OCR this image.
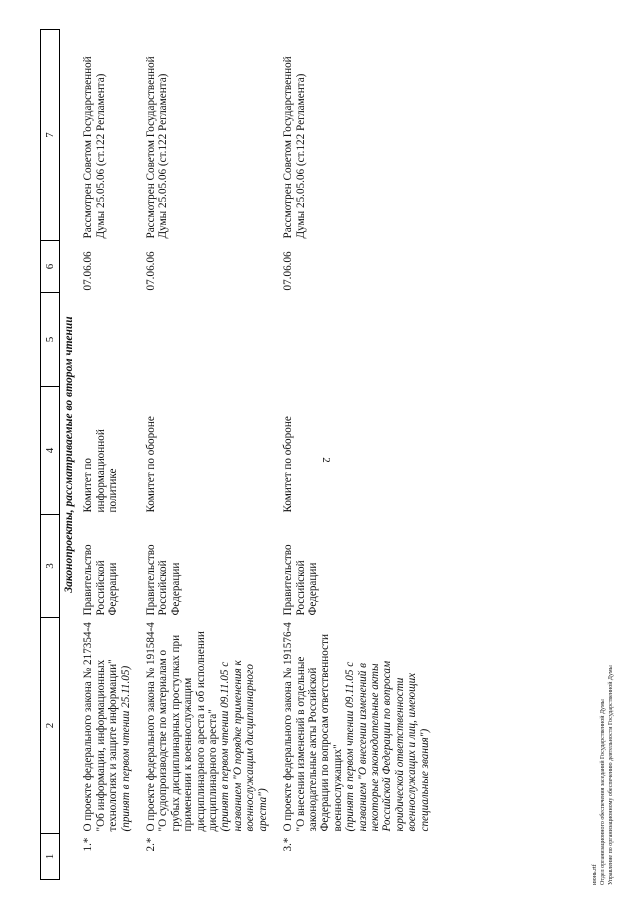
2
1	2	3	4	5	6	7
Законопроекты, рассматриваемые во втором чтении						
1.*	О проекте федерального закона № 217354-4 "Об информации, информационных технологиях и защите информации" (принят в первом чтении 25.11.05)	Правительство Российской Федерации	Комитет по информационной политике		07.06.06	Рассмотрен Советом Государственной Думы 25.05.06 (ст.122 Регламента)
2.*	О проекте федерального закона № 191584-4 "О судопроизводстве по материалам о грубых дисциплинарных проступках при применении к военнослужащим дисциплинарного ареста и об исполнении дисциплинарного ареста" (принят в первом чтении 09.11.05 с названием "О порядке применения к военнослужащим дисциплинарного ареста")	Правительство Российской Федерации	Комитет по обороне		07.06.06	Рассмотрен Советом Государственной Думы 25.05.06 (ст.122 Регламента)
3.*	О проекте федерального закона № 191576-4 "О внесении изменений в отдельные законодательные акты Российской Федерации по вопросам ответственности военнослужащих" (принят в первом чтении 09.11.05 с названием "О внесении изменений в некоторые законодательные акты Российской Федерации по вопросам юридической ответственности военнослужащих и лиц, имеющих специальные звания")	Правительство Российской Федерации	Комитет по обороне		07.06.06	Рассмотрен Советом Государственной Думы 25.05.06 (ст.122 Регламента)
июнь.rtf Отдел организационного обеспечения заседаний Государственной Думы Управление по организационному обеспечению деятельности Государственной Думы
